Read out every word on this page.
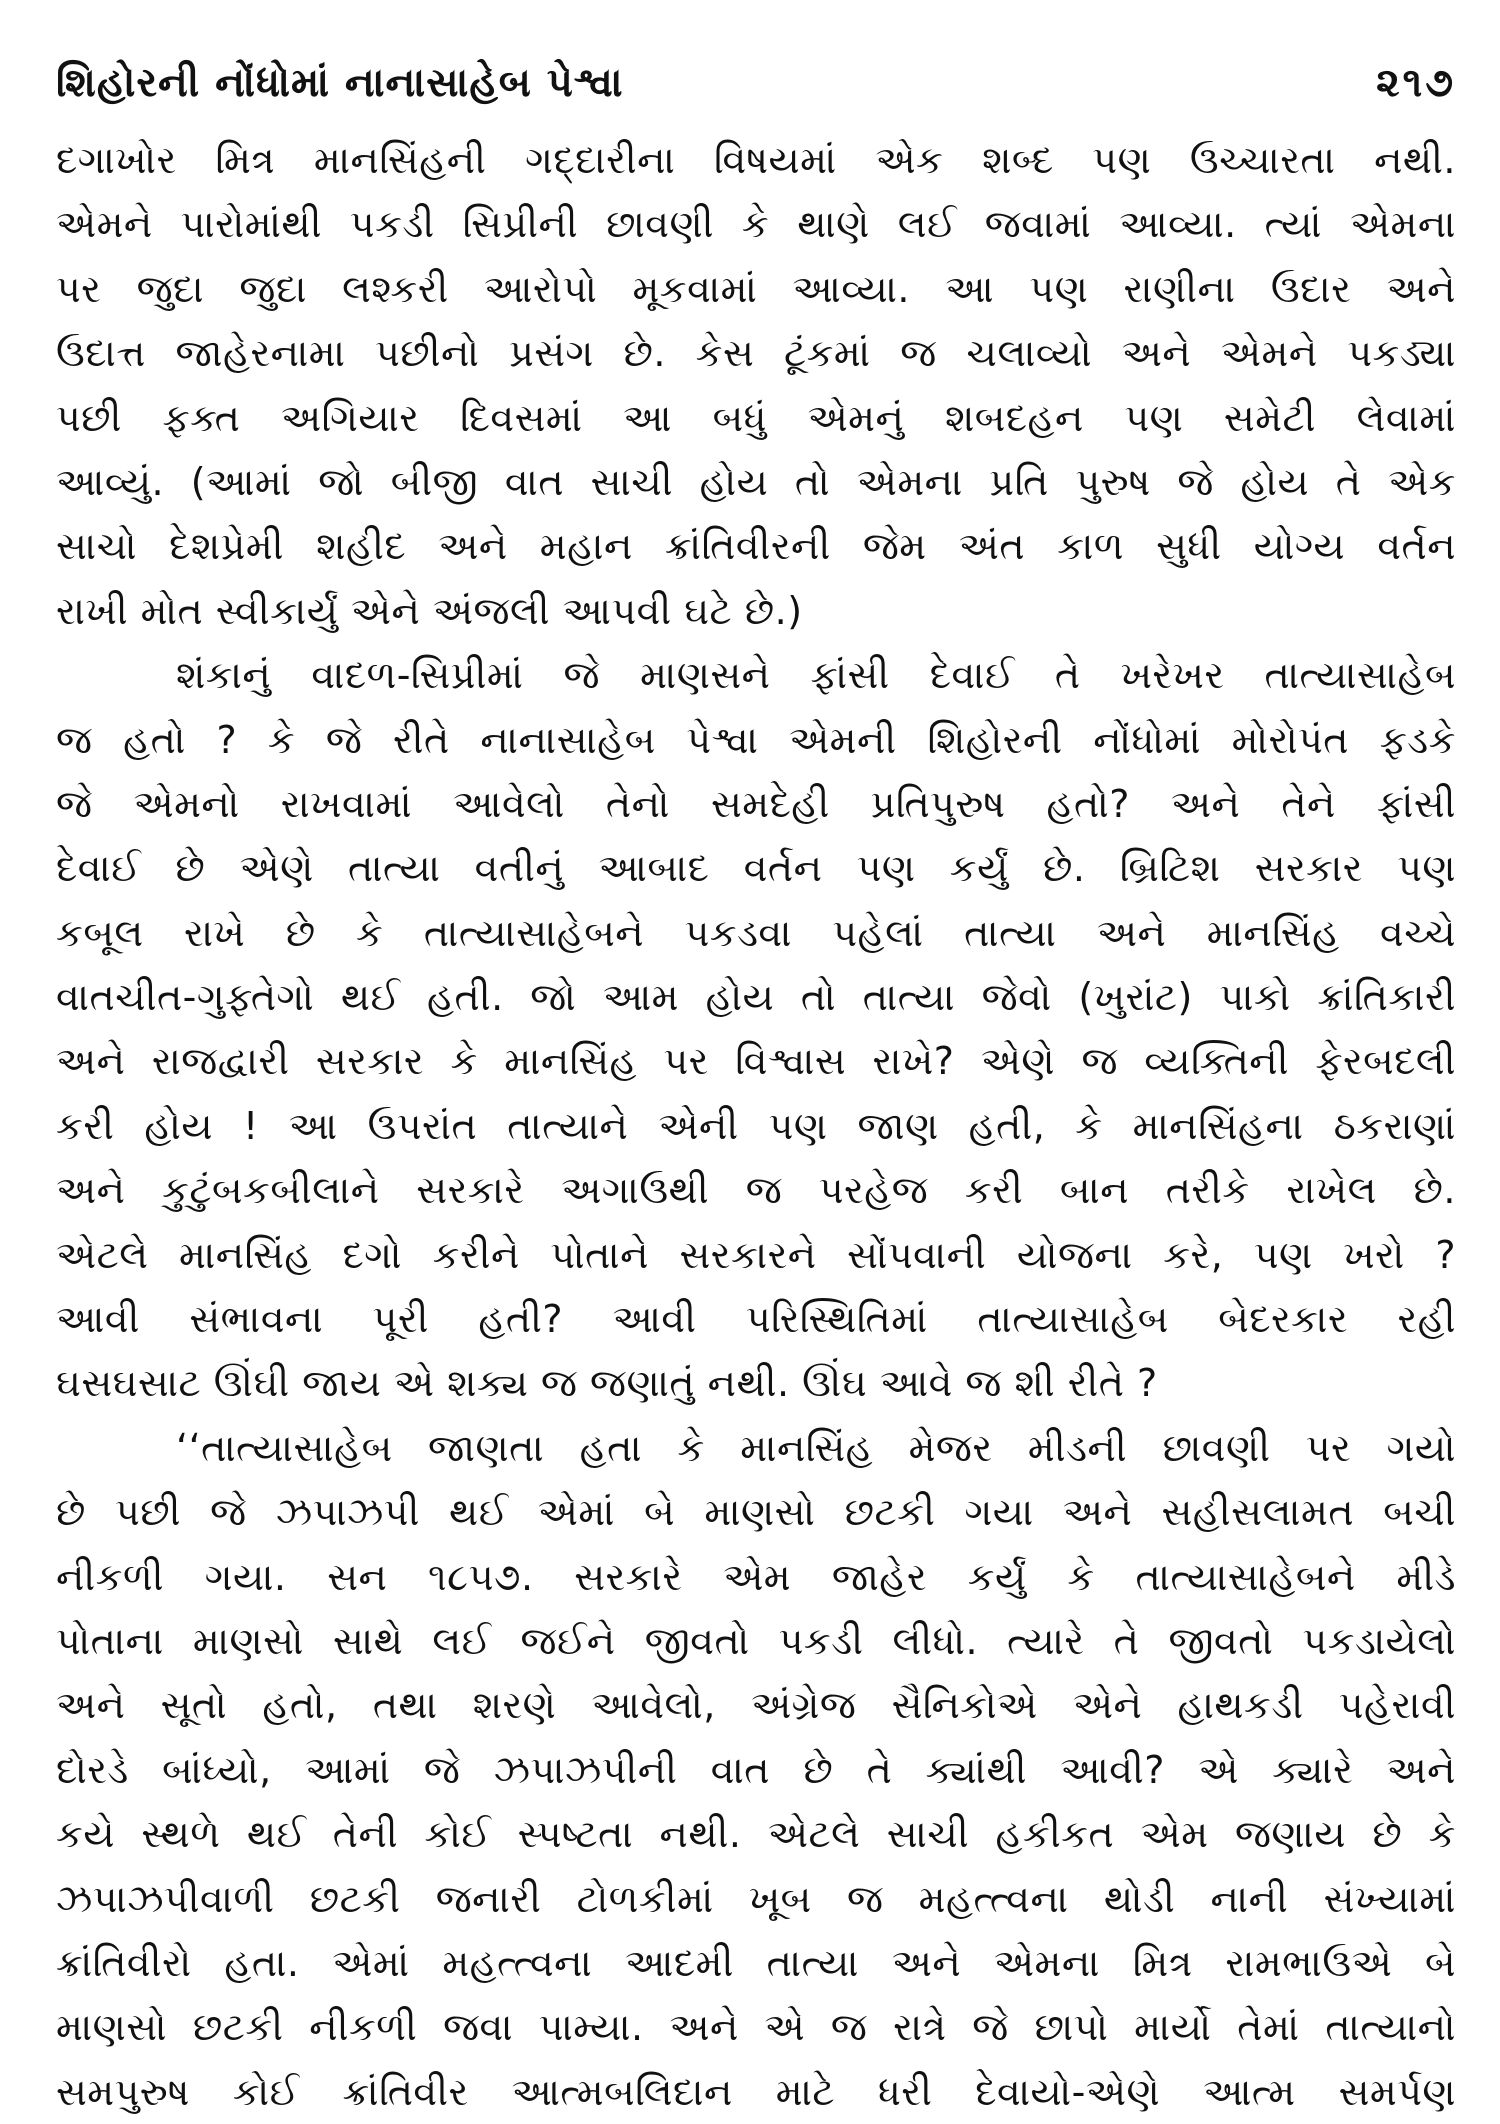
શિહોરની નોંધોમાં નાનાસાહેબ પેશ્વા	૨૧૭
દગાખોર મિત્ર માનસિંહની ગદ્દારીના વિષયમાં એક શબ્દ પણ ઉચ્ચારતા નથી.
એમને પારોમાંથી પકડી સિપ્રીની છાવણી કે થાણે લઈ જવામાં આવ્યા. ત્યાં એમના
પર જુદા જુદા લશ્કરી આરોપો મૂકવામાં આવ્યા. આ પણ રાણીના ઉદાર અને
ઉદાત્ત જાહેરનામા પછીનો પ્રસંગ છે. કેસ ટૂંકમાં જ ચલાવ્યો અને એમને પકડ્યા
પછી ફક્ત અગિયાર દિવસમાં આ બધું એમનું શબદહન પણ સમેટી લેવામાં
આવ્યું. (આમાં જો બીજી વાત સાચી હોય તો એમના પ્રતિ પુરુષ જે હોય તે એક
સાચો દેશપ્રેમી શહીદ અને મહાન ક્રાંતિવીરની જેમ અંત કાળ સુધી યોગ્ય વર્તન
રાખી મોત સ્વીકાર્યું એને અંજલી આપવી ઘટે છે.)
શંકાનું વાદળ-સિપ્રીમાં જે માણસને ફાંસી દેવાઈ તે ખરેખર તાત્યાસાહેબ
જ હતો ? કે જે રીતે નાનાસાહેબ પેશ્વા એમની શિહોરની નોંધોમાં મોરોપંત ફડકે
જે એમનો રાખવામાં આવેલો તેનો સમદેહી પ્રતિપુરુષ હતો? અને તેને ફાંસી
દેવાઈ છે એણે તાત્યા વતીનું આબાદ વર્તન પણ કર્યું છે. બ્રિટિશ સરકાર પણ
કબૂલ રાખે છે કે તાત્યાસાહેબને પકડવા પહેલાં તાત્યા અને માનસિંહ વચ્ચે
વાતચીત-ગુફ્તેગો થઈ હતી. જો આમ હોય તો તાત્યા જેવો (ખુરાંટ) પાકો ક્રાંતિકારી
અને રાજદ્વારી સરકાર કે માનસિંહ પર વિશ્વાસ રાખે? એણે જ વ્યક્તિની ફેરબદલી
કરી હોય ! આ ઉપરાંત તાત્યાને એની પણ જાણ હતી, કે માનસિંહના ઠકરાણાં
અને કુટુંબકબીલાને સરકારે અગાઉથી જ પરહેજ કરી બાન તરીકે રાખેલ છે.
એટલે માનસિંહ દગો કરીને પોતાને સરકારને સોંપવાની યોજના કરે, પણ ખરો ?
આવી સંભાવના પૂરી હતી? આવી પરિસ્થિતિમાં તાત્યાસાહેબ બેદરકાર રહી
ઘસઘસાટ ઊંઘી જાય એ શક્ય જ જણાતું નથી. ઊંઘ આવે જ શી રીતે ?
‘‘તાત્યાસાહેબ જાણતા હતા કે માનસિંહ મેજર મીડની છાવણી પર ગયો
છે પછી જે ઝપાઝપી થઈ એમાં બે માણસો છટકી ગયા અને સહીસલામત બચી
નીકળી ગયા. સન ૧૮૫૭. સરકારે એમ જાહેર કર્યું કે તાત્યાસાહેબને મીડે
પોતાના માણસો સાથે લઈ જઈને જીવતો પકડી લીધો. ત્યારે તે જીવતો પકડાયેલો
અને સૂતો હતો, તથા શરણે આવેલો, અંગ્રેજ સૈનિકોએ એને હાથકડી પહેરાવી
દોરડે બાંધ્યો, આમાં જે ઝપાઝપીની વાત છે તે ક્યાંથી આવી? એ ક્યારે અને
કયે સ્થળે થઈ તેની કોઈ સ્પષ્ટતા નથી. એટલે સાચી હકીકત એમ જણાય છે કે
ઝપાઝપીવાળી છટકી જનારી ટોળકીમાં ખૂબ જ મહત્ત્વના થોડી નાની સંખ્યામાં
ક્રાંતિવીરો હતા. એમાં મહત્ત્વના આદમી તાત્યા અને એમના મિત્ર રામભાઉએ બે
માણસો છટકી નીકળી જવા પામ્યા. અને એ જ રાત્રે જે છાપો માર્યો તેમાં તાત્યાનો
સમપુરુષ કોઈ ક્રાંતિવીર આત્મબલિદાન માટે ધરી દેવાયો-એણે આત્મ સમર્પણ
